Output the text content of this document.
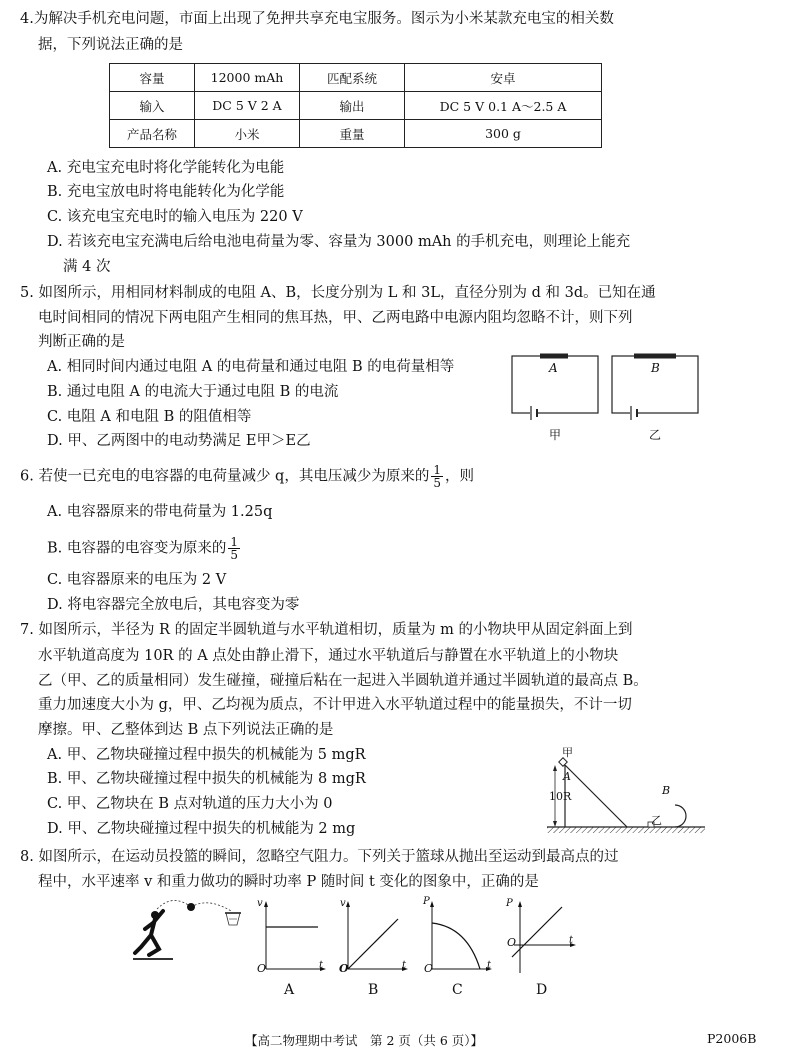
4.为解决手机充电问题，市面上出现了免押共享充电宝服务。图示为小米某款充电宝的相关数
据，下列说法正确的是
容量	12000 mAh	匹配系统	安卓
输入	DC 5 V 2 A	输出	DC 5 V 0.1 A～2.5 A
产品名称	小米	重量	300 g
A. 充电宝充电时将化学能转化为电能
B. 充电宝放电时将电能转化为化学能
C. 该充电宝充电时的输入电压为 220 V
D. 若该充电宝充满电后给电池电荷量为零、容量为 3000 mAh 的手机充电，则理论上能充
满 4 次
5. 如图所示，用相同材料制成的电阻 A、B，长度分别为 L 和 3L，直径分别为 d 和 3d。已知在通
电时间相同的情况下两电阻产生相同的焦耳热，甲、乙两电路中电源内阻均忽略不计，则下列
判断正确的是
A. 相同时间内通过电阻 A 的电荷量和通过电阻 B 的电荷量相等
B. 通过电阻 A 的电流大于通过电阻 B 的电流
C. 电阻 A 和电阻 B 的阻值相等
D. 甲、乙两图中的电动势满足 E甲＞E乙
A	B
甲	乙
6. 若使一已充电的电容器的电荷量减少 q，其电压减少为原来的 $\frac{1}{5}$ ，则
A. 电容器原来的带电荷量为 1.25q
B. 电容器的电容变为原来的 $\frac{1}{5}$
C. 电容器原来的电压为 2 V
D. 将电容器完全放电后，其电容变为零
7. 如图所示，半径为 R 的固定半圆轨道与水平轨道相切，质量为 m 的小物块甲从固定斜面上到
水平轨道高度为 10R 的 A 点处由静止滑下，通过水平轨道后与静置在水平轨道上的小物块
乙（甲、乙的质量相同）发生碰撞，碰撞后粘在一起进入半圆轨道并通过半圆轨道的最高点 B。
重力加速度大小为 g，甲、乙均视为质点，不计甲进入水平轨道过程中的能量损失，不计一切
摩擦。甲、乙整体到达 B 点下列说法正确的是
A. 甲、乙物块碰撞过程中损失的机械能为 5 mgR
B. 甲、乙物块碰撞过程中损失的机械能为 8 mgR
C. 甲、乙物块在 B 点对轨道的压力大小为 0
D. 甲、乙物块碰撞过程中损失的机械能为 2 mg
甲
A
10R	B
乙
8. 如图所示，在运动员投篮的瞬间，忽略空气阻力。下列关于篮球从抛出至运动到最高点的过
程中，水平速率 v 和重力做功的瞬时功率 P 随时间 t 变化的图象中，正确的是
v
t
O
A
v
t
O
B
P
t
O
C
P
t
O
D
【高二物理期中考试　第 2 页（共 6 页）】	P2006B
